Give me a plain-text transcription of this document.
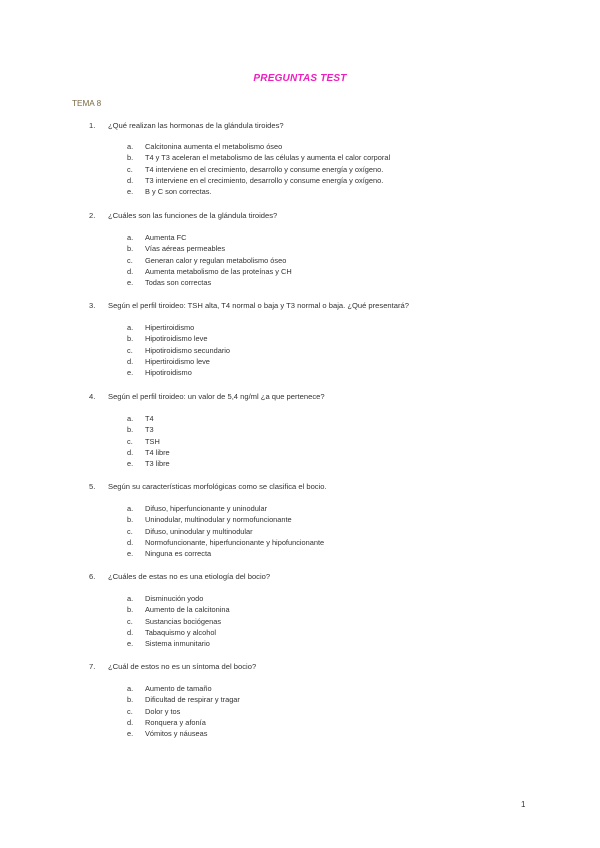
PREGUNTAS TEST
TEMA 8
1. ¿Qué realizan las hormonas de la glándula tiroides?
a. Calcitonina aumenta el metabolismo óseo
b. T4 y T3 aceleran el metabolismo de las células y aumenta el calor corporal
c. T4 interviene en el crecimiento, desarrollo y consume energía y oxígeno.
d. T3 interviene en el crecimiento, desarrollo y consume energía y oxígeno.
e. B y C son correctas.
2. ¿Cuáles son las funciones de la glándula tiroides?
a. Aumenta FC
b. Vías aéreas permeables
c. Generan calor y regulan metabolismo óseo
d. Aumenta metabolismo de las proteínas y CH
e. Todas son correctas
3. Según el perfil tiroideo: TSH alta, T4 normal o baja y T3 normal o baja. ¿Qué presentará?
a. Hipertiroidismo
b. Hipotiroidismo leve
c. Hipotiroidismo secundario
d. Hipertiroidismo leve
e. Hipotiroidismo
4. Según el perfil tiroideo: un valor de 5,4 ng/ml ¿a que pertenece?
a. T4
b. T3
c. TSH
d. T4 libre
e. T3 libre
5. Según su características morfológicas como se clasifica el bocio.
a. Difuso, hiperfuncionante y uninodular
b. Uninodular, multinodular y normofuncionante
c. Difuso, uninodular y multinodular
d. Normofuncionante, hiperfuncionante y hipofuncionante
e. Ninguna es correcta
6. ¿Cuáles de estas no es una etiología del bocio?
a. Disminución yodo
b. Aumento de la calcitonina
c. Sustancias bociógenas
d. Tabaquismo y alcohol
e. Sistema inmunitario
7. ¿Cuál de estos no es un síntoma del bocio?
a. Aumento de tamaño
b. Dificultad de respirar y tragar
c. Dolor y tos
d. Ronquera y afonía
e. Vómitos y náuseas
1
